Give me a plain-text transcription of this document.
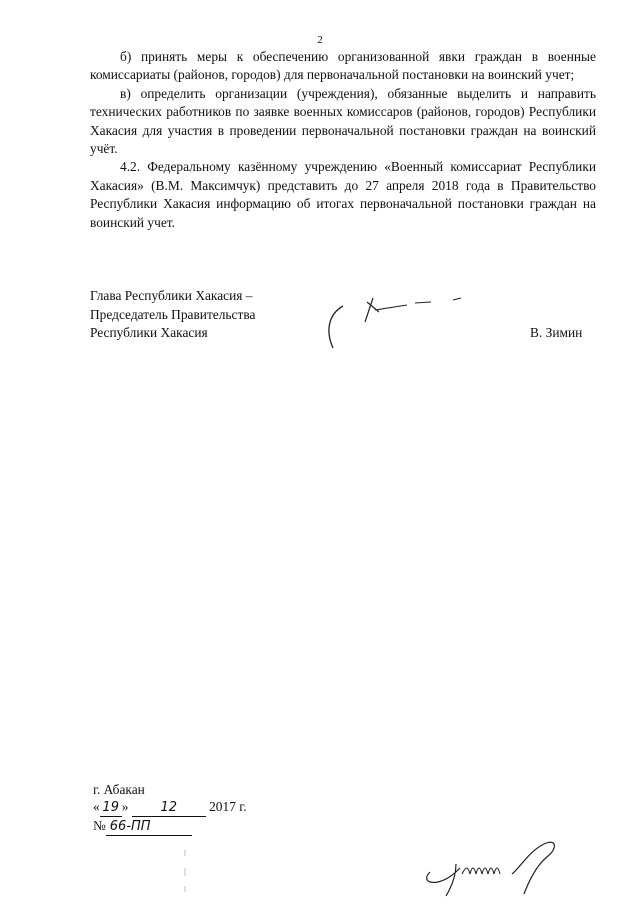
2

б) принять меры к обеспечению организованной явки граждан в военные комиссариаты (районов, городов) для первоначальной постановки на воинский учет;

в) определить организации (учреждения), обязанные выделить и направить технических работников по заявке военных комиссаров (районов, городов) Республики Хакасия для участия в проведении первоначальной постановки граждан на воинский учёт.

4.2. Федеральному казённому учреждению «Военный комиссариат Республики Хакасия» (В.М. Максимчук) представить до 27 апреля 2018 года в Правительство Республики Хакасия информацию об итогах первоначальной постановки граждан на воинский учет.

Глава Республики Хакасия –
Председатель Правительства
Республики Хакасия	В. Зимин
г. Абакан
« 19 » 12 2017 г.
№ 66-ПП
